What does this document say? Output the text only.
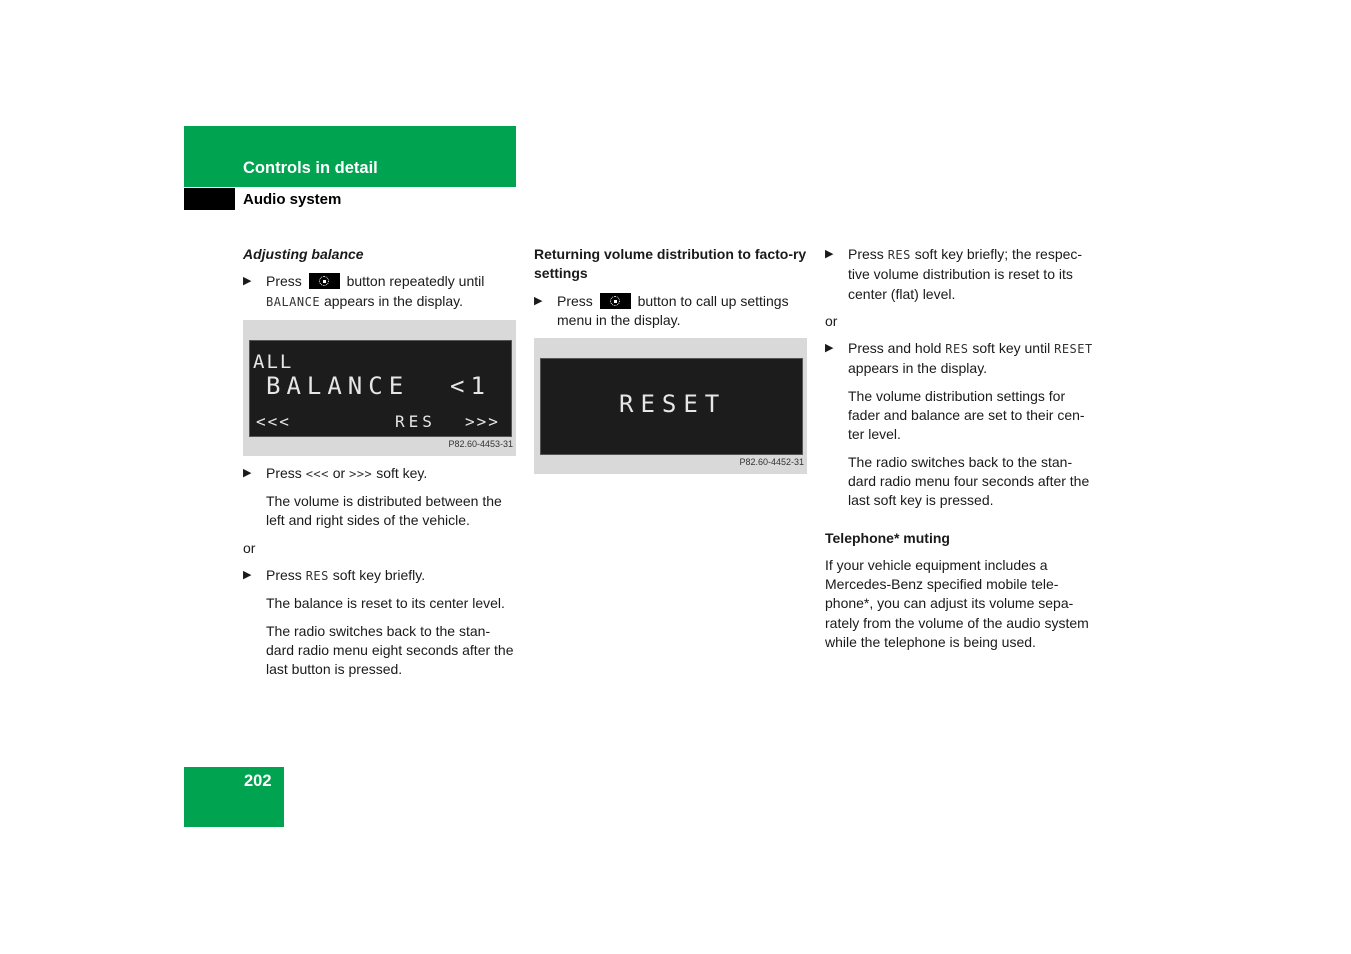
Controls in detail
Audio system
Adjusting balance
▶ Press	button repeatedly until BALANCE appears in the display.
ALL
BALANCE  <1
<<<	RES >>>
P82.60-4453-31
▶ Press <<< or >>> soft key.
The volume is distributed between the left and right sides of the vehicle.
or
▶ Press RES soft key briefly.
The balance is reset to its center level.
The radio switches back to the stan-dard radio menu eight seconds after the last button is pressed.
Returning volume distribution to facto-ry settings
▶ Press	button to call up settings menu in the display.
RESET
P82.60-4452-31
▶ Press RES soft key briefly; the respec-tive volume distribution is reset to its center (flat) level.
or
▶ Press and hold RES soft key until RESET appears in the display.
The volume distribution settings for fader and balance are set to their cen-ter level.
The radio switches back to the stan-dard radio menu four seconds after the last soft key is pressed.
Telephone* muting
If your vehicle equipment includes a Mercedes-Benz specified mobile tele-phone*, you can adjust its volume sepa-rately from the volume of the audio system while the telephone is being used.
202
